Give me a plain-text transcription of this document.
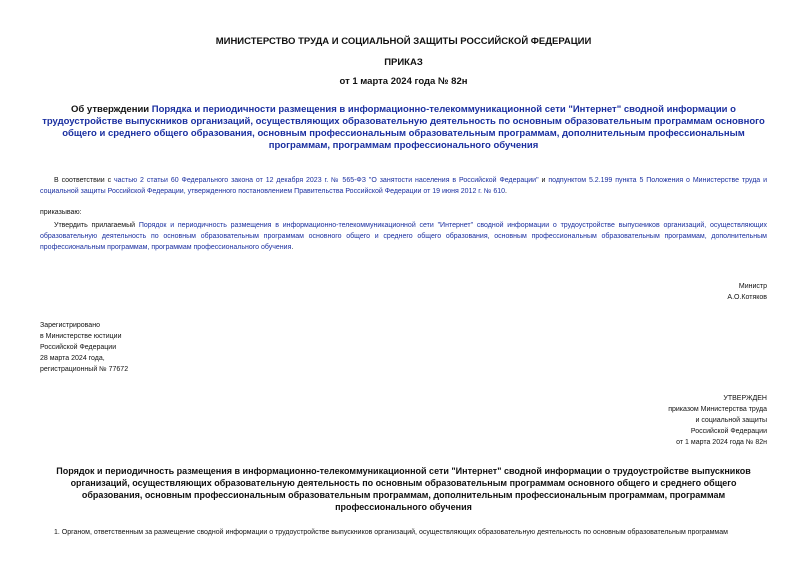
МИНИСТЕРСТВО ТРУДА И СОЦИАЛЬНОЙ ЗАЩИТЫ РОССИЙСКОЙ ФЕДЕРАЦИИ
ПРИКАЗ
от 1 марта 2024 года № 82н
Об утверждении Порядка и периодичности размещения в информационно-телекоммуникационной сети "Интернет" сводной информации о трудоустройстве выпускников организаций, осуществляющих образовательную деятельность по основным образовательным программам основного общего и среднего общего образования, основным профессиональным образовательным программам, дополнительным профессиональным программам, программам профессионального обучения
В соответствии с частью 2 статьи 60 Федерального закона от 12 декабря 2023 г. № 565-ФЗ "О занятости населения в Российской Федерации" и подпунктом 5.2.199 пункта 5 Положения о Министерстве труда и социальной защиты Российской Федерации, утвержденного постановлением Правительства Российской Федерации от 19 июня 2012 г. № 610.
приказываю:
Утвердить прилагаемый Порядок и периодичность размещения в информационно-телекоммуникационной сети "Интернет" сводной информации о трудоустройстве выпускников организаций, осуществляющих образовательную деятельность по основным образовательным программам основного общего и среднего общего образования, основным профессиональным образовательным программам, дополнительным профессиональным программам, программам профессионального обучения.
Министр
А.О.Котяков
Зарегистрировано
в Министерстве юстиции
Российской Федерации
28 марта 2024 года,
регистрационный № 77672
УТВЕРЖДЕН
приказом Министерства труда
и социальной защиты
Российской Федерации
от 1 марта 2024 года № 82н
Порядок и периодичность размещения в информационно-телекоммуникационной сети "Интернет" сводной информации о трудоустройстве выпускников организаций, осуществляющих образовательную деятельность по основным образовательным программам основного общего и среднего общего образования, основным профессиональным образовательным программам, дополнительным профессиональным программам, программам профессионального обучения
1. Органом, ответственным за размещение сводной информации о трудоустройстве выпускников организаций, осуществляющих образовательную деятельность по основным образовательным программам
